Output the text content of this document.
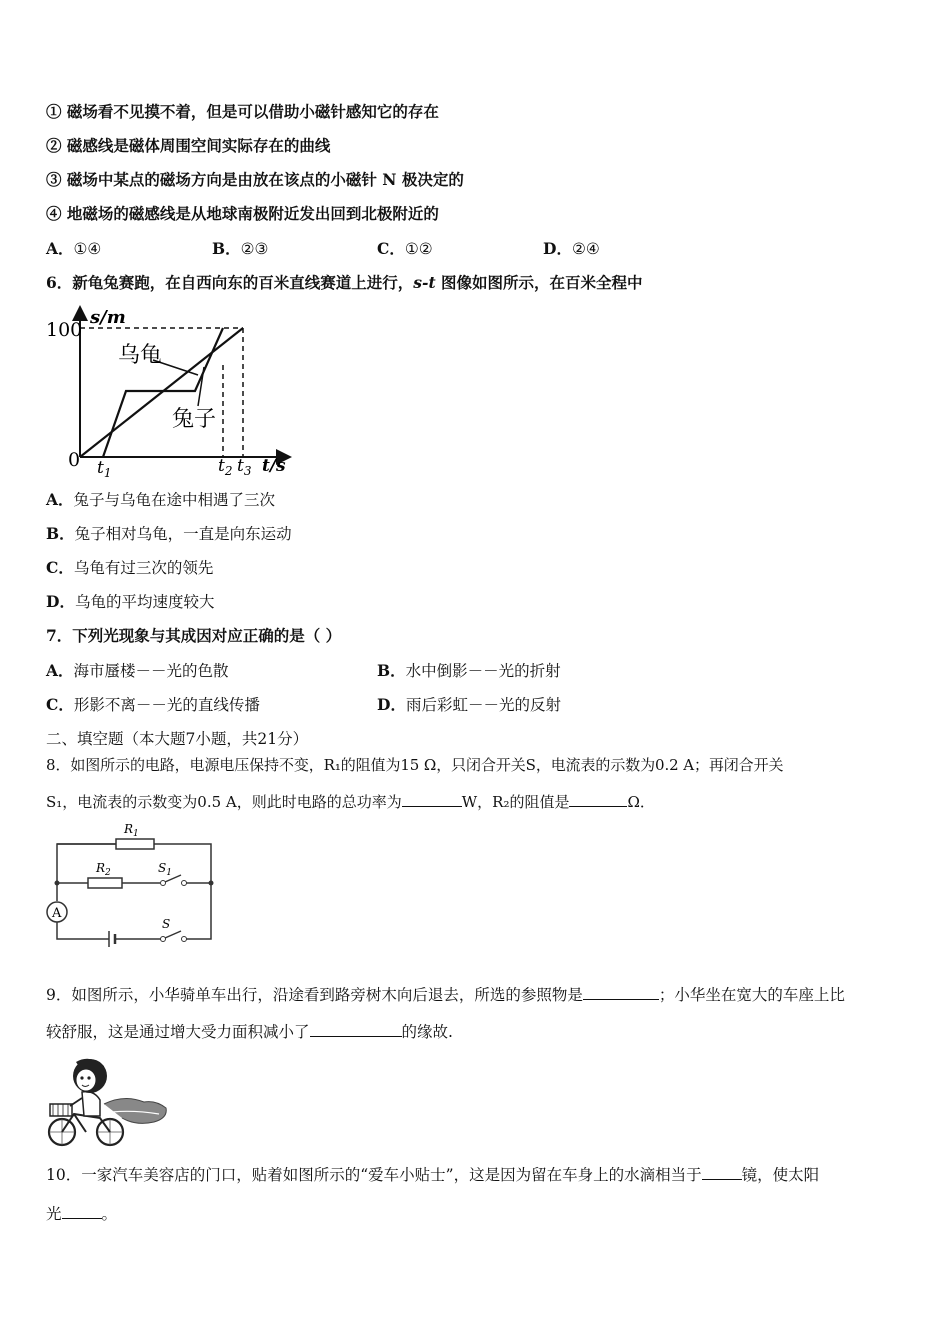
① 磁场看不见摸不着，但是可以借助小磁针感知它的存在
② 磁感线是磁体周围空间实际存在的曲线
③ 磁场中某点的磁场方向是由放在该点的小磁针 N 极决定的
④ 地磁场的磁感线是从地球南极附近发出回到北极附近的
A．①④	B．②③	C．①②	D．②④
6．新龟兔赛跑，在自西向东的百米直线赛道上进行，s-t 图像如图所示，在百米全程中
100
s/m
0
乌龟
兔子
$t_1$	$t_2$ $t_3$ t/s
A．兔子与乌龟在途中相遇了三次
B．兔子相对乌龟，一直是向东运动
C．乌龟有过三次的领先
D．乌龟的平均速度较大
7．下列光现象与其成因对应正确的是（ ）
A．海市蜃楼－－光的色散	B．水中倒影－－光的折射
C．形影不离－－光的直线传播	D．雨后彩虹－－光的反射
二、填空题（本大题7小题，共21分）
8．如图所示的电路，电源电压保持不变，R₁的阻值为15 Ω，只闭合开关S，电流表的示数为0.2 A；再闭合开关
S₁，电流表的示数变为0.5 A，则此时电路的总功率为	W，R₂的阻值是	Ω．
A
$R_1$
$R_2$	$S_1$
S
9．如图所示，小华骑单车出行，沿途看到路旁树木向后退去，所选的参照物是	；小华坐在宽大的车座上比
较舒服，这是通过增大受力面积减小了	的缘故.
10．一家汽车美容店的门口，贴着如图所示的“爱车小贴士”，这是因为留在车身上的水滴相当于	镜，使太阳
光	。
